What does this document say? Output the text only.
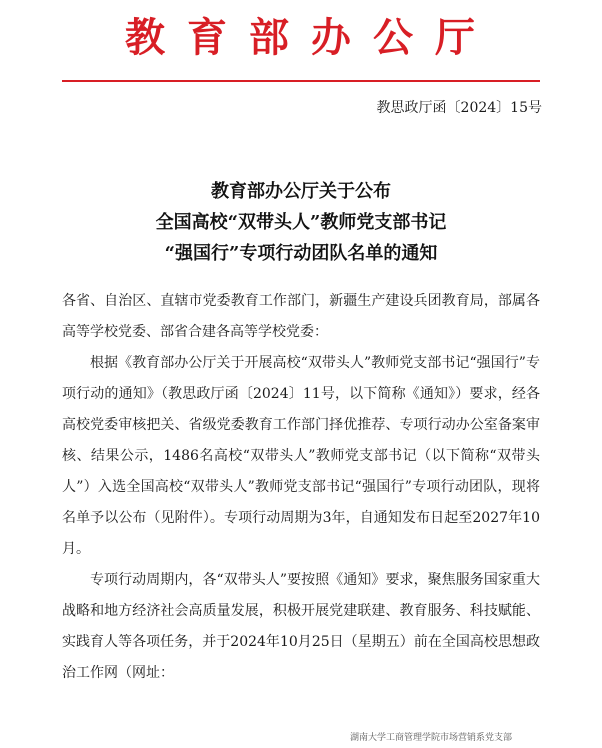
教育部办公厅
教思政厅函〔2024〕15号
教育部办公厅关于公布
全国高校“双带头人”教师党支部书记
“强国行”专项行动团队名单的通知

各省、自治区、直辖市党委教育工作部门，新疆生产建设兵团教育局，部属各高等学校党委、部省合建各高等学校党委：

根据《教育部办公厅关于开展高校“双带头人”教师党支部书记“强国行”专项行动的通知》（教思政厅函〔2024〕11号，以下简称《通知》）要求，经各高校党委审核把关、省级党委教育工作部门择优推荐、专项行动办公室备案审核、结果公示，1486名高校“双带头人”教师党支部书记（以下简称“双带头人”）入选全国高校“双带头人”教师党支部书记“强国行”专项行动团队，现将名单予以公布（见附件）。专项行动周期为3年，自通知发布日起至2027年10月。

专项行动周期内，各“双带头人”要按照《通知》要求，聚焦服务国家重大战略和地方经济社会高质量发展，积极开展党建联建、教育服务、科技赋能、实践育人等各项任务，并于2024年10月25日（星期五）前在全国高校思想政治工作网（网址：

湖南大学工商管理学院市场营销系党支部
